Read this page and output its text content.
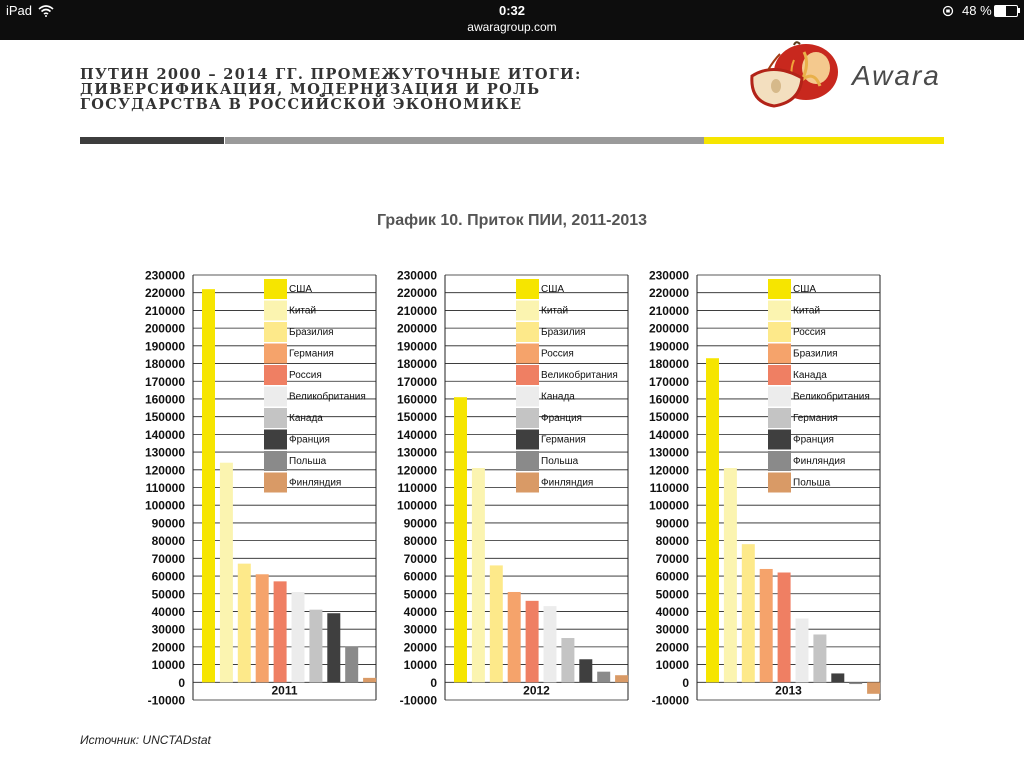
iPad	0:32
awaragroup.com
48 %
ПУТИН 2000 – 2014 ГГ. ПРОМЕЖУТОЧНЫЕ ИТОГИ:
ДИВЕРСИФИКАЦИЯ, МОДЕРНИЗАЦИЯ И РОЛЬ
ГОСУДАРСТВА В РОССИЙСКОЙ ЭКОНОМИКЕ
Awara
График 10. Приток ПИИ, 2011-2013
230000
220000
210000
200000
190000
180000
170000
160000
150000
140000
130000
120000
110000
100000
90000
80000
70000
60000
50000
40000
30000
20000
10000
0
-10000
2011
США
Китай
Бразилия
Германия
Россия
Великобритания
Канада
Франция
Польша
Финляндия
230000
220000
210000
200000
190000
180000
170000
160000
150000
140000
130000
120000
110000
100000
90000
80000
70000
60000
50000
40000
30000
20000
10000
0
-10000
2012
США
Китай
Бразилия
Россия
Великобритания
Канада
Франция
Германия
Польша
Финляндия
230000
220000
210000
200000
190000
180000
170000
160000
150000
140000
130000
120000
110000
100000
90000
80000
70000
60000
50000
40000
30000
20000
10000
0
-10000
2013
США
Китай
Россия
Бразилия
Канада
Великобритания
Германия
Франция
Финляндия
Польша
Источник: UNCTADstat
